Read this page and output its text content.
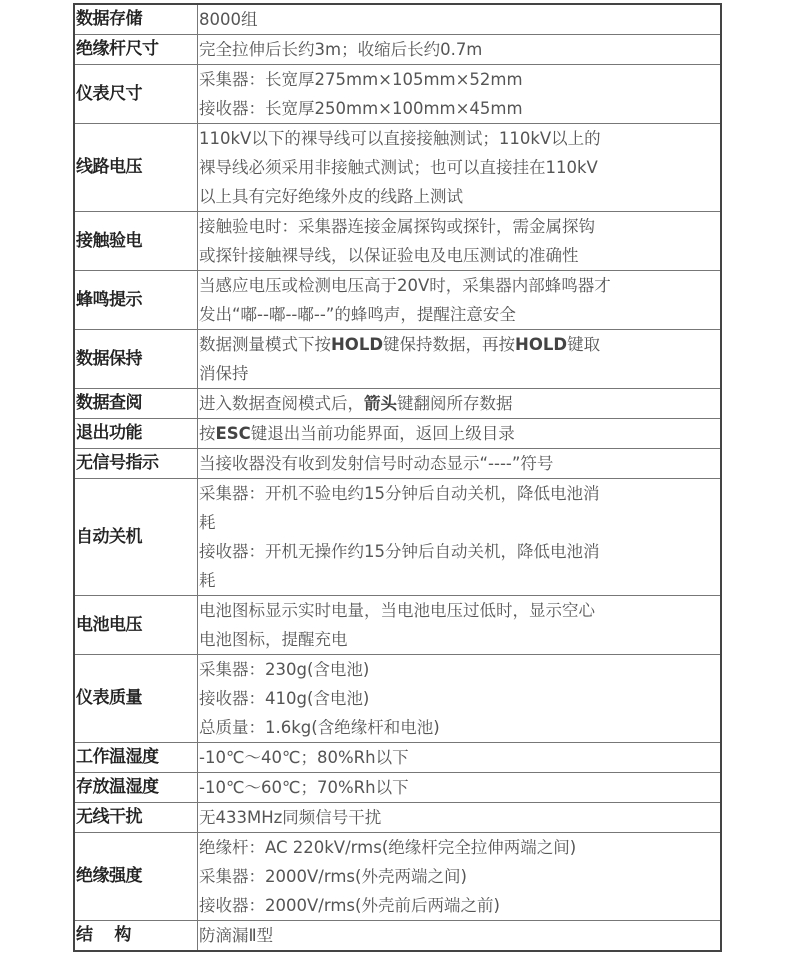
数据存储	8000组

绝缘杆尺寸	完全拉伸后长约3m；收缩后长约0.7m

仪表尺寸	采集器：长宽厚275mm×105mm×52mm
接收器：长宽厚250mm×100mm×45mm

线路电压	110kV以下的裸导线可以直接接触测试；110kV以上的
裸导线必须采用非接触式测试；也可以直接挂在110kV
以上具有完好绝缘外皮的线路上测试

接触验电	接触验电时：采集器连接金属探钩或探针，需金属探钩
或探针接触裸导线，以保证验电及电压测试的准确性

蜂鸣提示	当感应电压或检测电压高于20V时，采集器内部蜂鸣器才
发出“嘟--嘟--嘟--”的蜂鸣声，提醒注意安全

数据保持	数据测量模式下按HOLD键保持数据，再按HOLD键取
消保持

数据查阅	进入数据查阅模式后，箭头键翻阅所存数据

退出功能	按ESC键退出当前功能界面，返回上级目录

无信号指示	当接收器没有收到发射信号时动态显示“----”符号

自动关机	采集器：开机不验电约15分钟后自动关机，降低电池消
耗
接收器：开机无操作约15分钟后自动关机，降低电池消
耗

电池电压	电池图标显示实时电量，当电池电压过低时，显示空心
电池图标，提醒充电

仪表质量	采集器：230g(含电池)
接收器：410g(含电池)
总质量：1.6kg(含绝缘杆和电池)

工作温湿度	-10℃～40℃；80%Rh以下

存放温湿度	-10℃～60℃；70%Rh以下

无线干扰	无433MHz同频信号干扰

绝缘强度	绝缘杆：AC 220kV/rms(绝缘杆完全拉伸两端之间)
采集器：2000V/rms(外壳两端之间)
接收器：2000V/rms(外壳前后两端之前)

结　 构	防滴漏Ⅱ型
